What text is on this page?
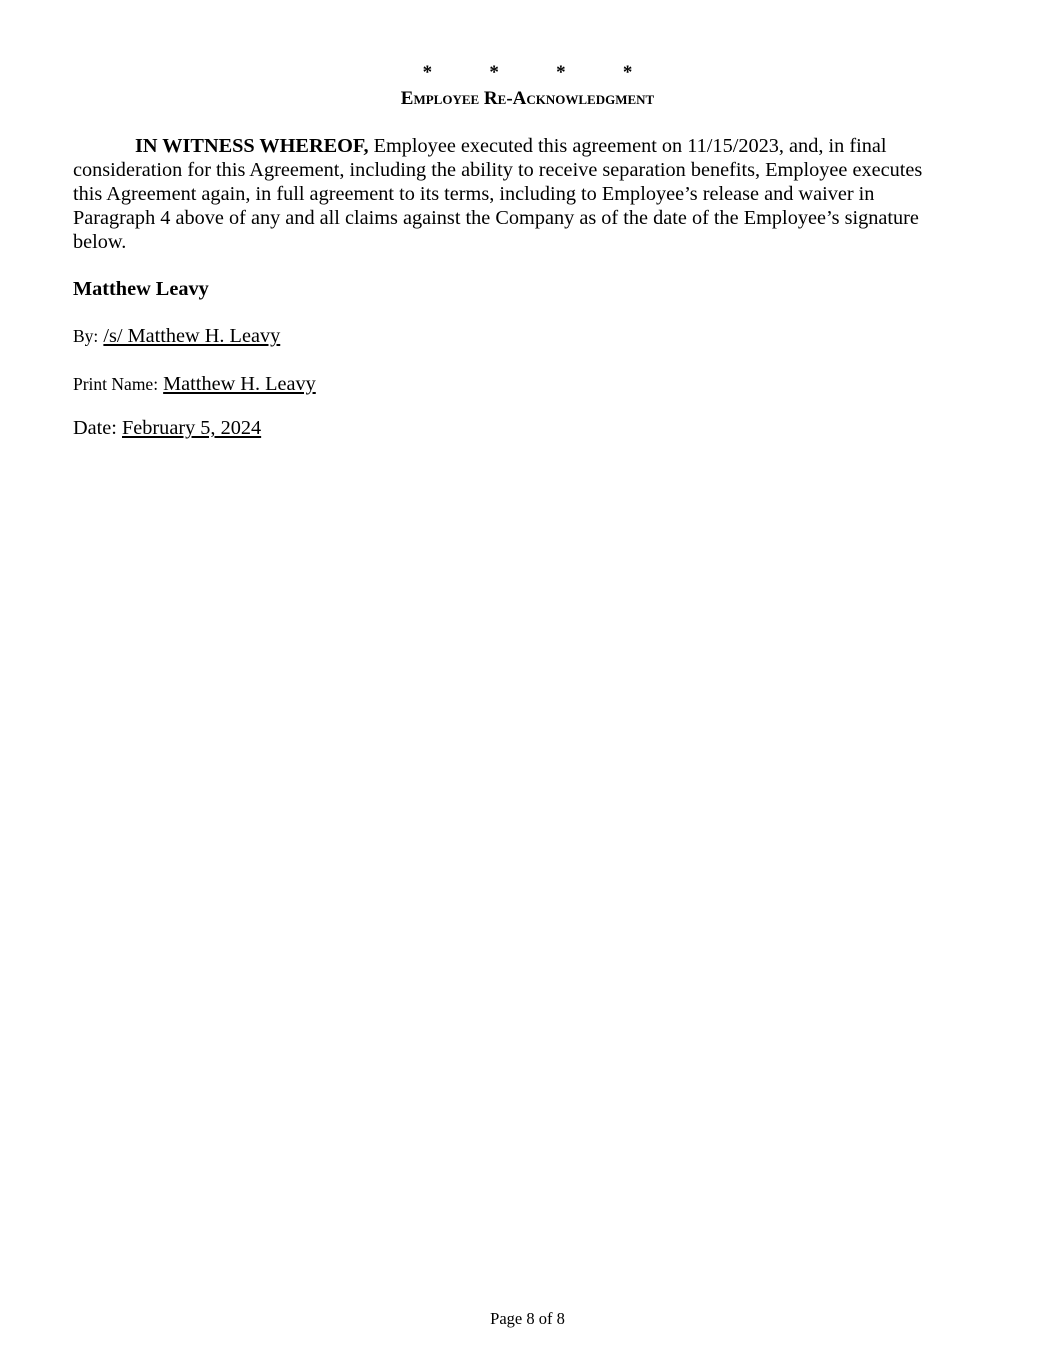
*	*	*	*
Employee Re-Acknowledgment
IN WITNESS WHEREOF, Employee executed this agreement on 11/15/2023, and, in final consideration for this Agreement, including the ability to receive separation benefits, Employee executes this Agreement again, in full agreement to its terms, including to Employee’s release and waiver in Paragraph 4 above of any and all claims against the Company as of the date of the Employee’s signature below.
Matthew Leavy
By: /s/ Matthew H. Leavy
Print Name: Matthew H. Leavy
Date: February 5, 2024
Page 8 of 8
